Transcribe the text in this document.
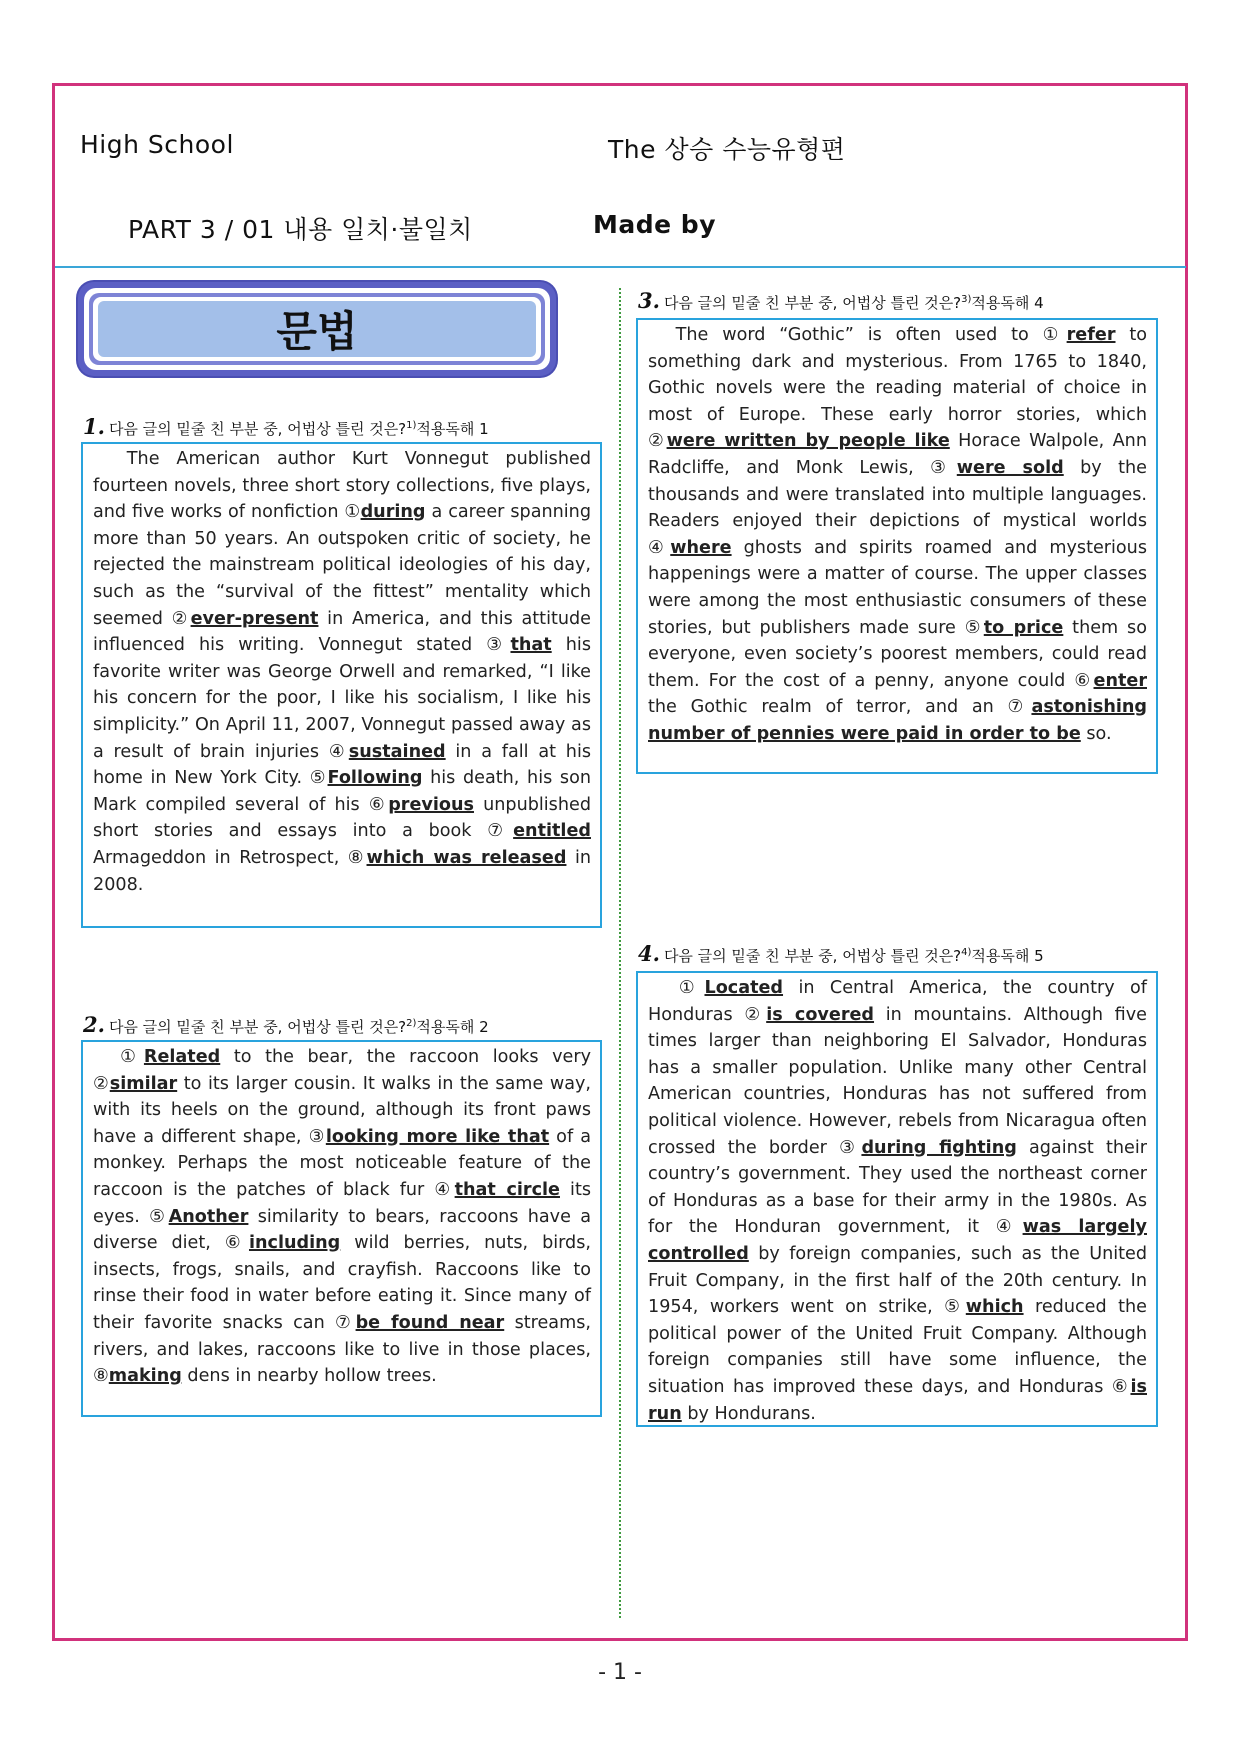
High School	The 상승 수능유형편
PART 3 / 01 내용 일치·불일치	Made by
문법
1. 다음 글의 밑줄 친 부분 중, 어법상 틀린 것은?$^{1)}$적용독해 1
The American author Kurt Vonnegut published fourteen novels, three short story collections, five plays, and five works of nonfiction ①during a career spanning more than 50 years. An outspoken critic of society, he rejected the mainstream political ideologies of his day, such as the “survival of the fittest” mentality which seemed ②ever-present in America, and this attitude influenced his writing. Vonnegut stated ③that his favorite writer was George Orwell and remarked, “I like his concern for the poor, I like his socialism, I like his simplicity.” On April 11, 2007, Vonnegut passed away as a result of brain injuries ④sustained in a fall at his home in New York City. ⑤Following his death, his son Mark compiled several of his ⑥previous unpublished short stories and essays into a book ⑦entitled Armageddon in Retrospect, ⑧which was released in 2008.
2. 다음 글의 밑줄 친 부분 중, 어법상 틀린 것은?$^{2)}$적용독해 2
①Related to the bear, the raccoon looks very ②similar to its larger cousin. It walks in the same way, with its heels on the ground, although its front paws have a different shape, ③looking more like that of a monkey. Perhaps the most noticeable feature of the raccoon is the patches of black fur ④that circle its eyes. ⑤Another similarity to bears, raccoons have a diverse diet, ⑥including wild berries, nuts, birds, insects, frogs, snails, and crayfish. Raccoons like to rinse their food in water before eating it. Since many of their favorite snacks can ⑦be found near streams, rivers, and lakes, raccoons like to live in those places, ⑧making dens in nearby hollow trees.
3. 다음 글의 밑줄 친 부분 중, 어법상 틀린 것은?$^{3)}$적용독해 4
The word “Gothic” is often used to ①refer to something dark and mysterious. From 1765 to 1840, Gothic novels were the reading material of choice in most of Europe. These early horror stories, which ②were written by people like Horace Walpole, Ann Radcliffe, and Monk Lewis, ③were sold by the thousands and were translated into multiple languages. Readers enjoyed their depictions of mystical worlds ④where ghosts and spirits roamed and mysterious happenings were a matter of course. The upper classes were among the most enthusiastic consumers of these stories, but publishers made sure ⑤to price them so everyone, even society’s poorest members, could read them. For the cost of a penny, anyone could ⑥enter the Gothic realm of terror, and an ⑦astonishing number of pennies were paid in order to be so.
4. 다음 글의 밑줄 친 부분 중, 어법상 틀린 것은?$^{4)}$적용독해 5
①Located in Central America, the country of Honduras ②is covered in mountains. Although five times larger than neighboring El Salvador, Honduras has a smaller population. Unlike many other Central American countries, Honduras has not suffered from political violence. However, rebels from Nicaragua often crossed the border ③during fighting against their country’s government. They used the northeast corner of Honduras as a base for their army in the 1980s. As for the Honduran government, it ④was largely controlled by foreign companies, such as the United Fruit Company, in the first half of the 20th century. In 1954, workers went on strike, ⑤which reduced the political power of the United Fruit Company. Although foreign companies still have some influence, the situation has improved these days, and Honduras ⑥is run by Hondurans.
- 1 -
